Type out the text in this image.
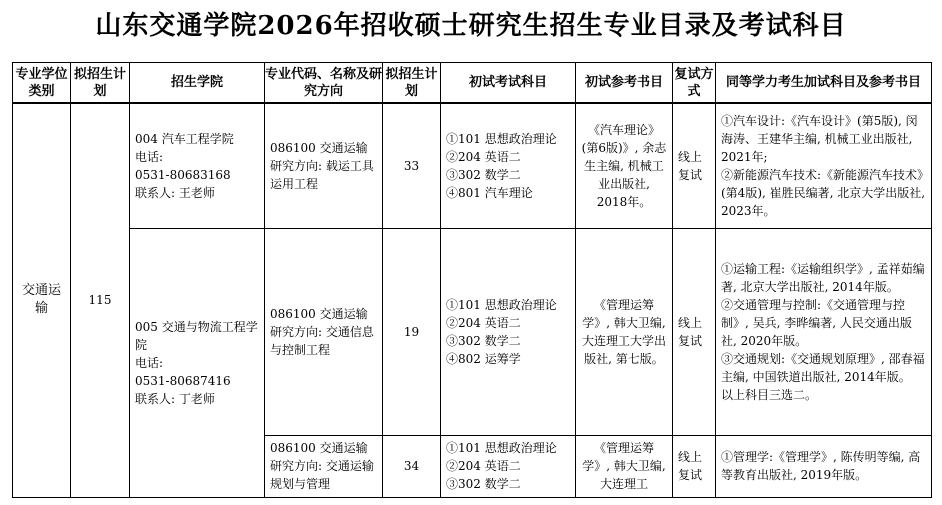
山东交通学院2026年招收硕士研究生招生专业目录及考试科目
专业学位类别	拟招生计划	招生学院	专业代码、名称及研究方向	拟招生计划	初试考试科目	初试参考书目	复试方式	同等学力考生加试科目及参考书目
交通运输	115	004 汽车工程学院
电话:
0531-80683168
联系人: 王老师	086100 交通运输
研究方向: 载运工具运用工程	33	①101 思想政治理论
②204 英语二
③302 数学二
④801 汽车理论	《汽车理论》(第6版)》, 余志生主编, 机械工业出版社, 2018年。	线上复试	①汽车设计:《汽车设计》(第5版), 闵海涛、王建华主编, 机械工业出版社, 2021年;
②新能源汽车技术:《新能源汽车技术》(第4版), 崔胜民编著, 北京大学出版社, 2023年。

		005 交通与物流工程学院
电话:
0531-80687416
联系人: 丁老师	086100 交通运输
研究方向: 交通信息与控制工程	19	①101 思想政治理论
②204 英语二
③302 数学二
④802 运筹学	《管理运筹学》, 韩大卫编, 大连理工大学出版社, 第七版。	线上复试	①运输工程:《运输组织学》, 孟祥茹编著, 北京大学出版社, 2014年版。
②交通管理与控制:《交通管理与控制》, 吴兵, 李晔编著, 人民交通出版社, 2020年版。
③交通规划:《交通规划原理》, 邵春福主编, 中国铁道出版社, 2014年版。
以上科目三选二。

			086100 交通运输
研究方向: 交通运输规划与管理	34	①101 思想政治理论
②204 英语二
③302 数学二	《管理运筹学》, 韩大卫编, 大连理工	线上复试	①管理学:《管理学》, 陈传明等编, 高等教育出版社, 2019年版。
